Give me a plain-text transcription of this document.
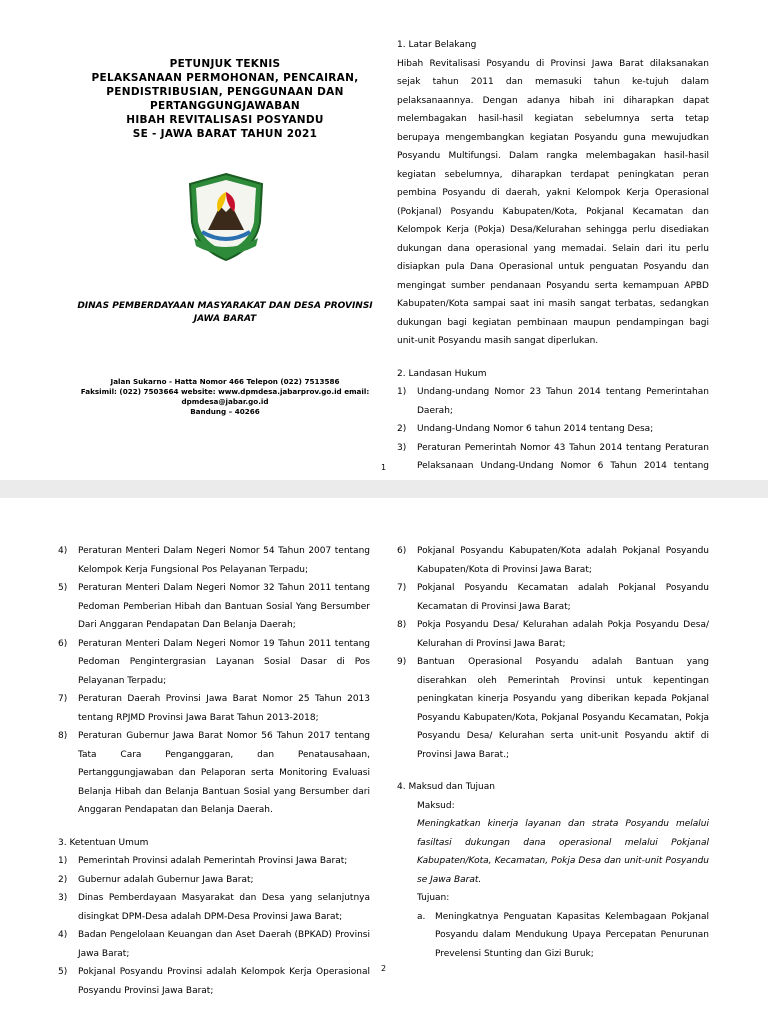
PETUNJUK TEKNIS
PELAKSANAAN PERMOHONAN, PENCAIRAN,
PENDISTRIBUSIAN, PENGGUNAAN DAN
PERTANGGUNGJAWABAN
HIBAH REVITALISASI POSYANDU
SE - JAWA BARAT TAHUN 2021
DINAS PEMBERDAYAAN MASYARAKAT DAN DESA PROVINSI
JAWA BARAT
Jalan Sukarno - Hatta Nomor 466 Telepon (022) 7513586
Faksimil: (022) 7503664 website: www.dpmdesa.jabarprov.go.id email:
dpmdesa@jabar.go.id
Bandung – 40266
1. Latar Belakang
Hibah Revitalisasi Posyandu di Provinsi Jawa Barat dilaksanakan sejak tahun 2011 dan memasuki tahun ke-tujuh dalam pelaksanaannya. Dengan adanya hibah ini diharapkan dapat melembagakan hasil-hasil kegiatan sebelumnya serta tetap berupaya mengembangkan kegiatan Posyandu guna mewujudkan Posyandu Multifungsi. Dalam rangka melembagakan hasil-hasil kegiatan sebelumnya, diharapkan terdapat peningkatan peran pembina Posyandu di daerah, yakni Kelompok Kerja Operasional (Pokjanal) Posyandu Kabupaten/Kota, Pokjanal Kecamatan dan Kelompok Kerja (Pokja) Desa/Kelurahan sehingga perlu disediakan dukungan dana operasional yang memadai. Selain dari itu perlu disiapkan pula Dana Operasional untuk penguatan Posyandu dan mengingat sumber pendanaan Posyandu serta kemampuan APBD Kabupaten/Kota sampai saat ini masih sangat terbatas, sedangkan dukungan bagi kegiatan pembinaan maupun pendampingan bagi unit-unit Posyandu masih sangat diperlukan.
2. Landasan Hukum
1)	Undang-undang Nomor 23 Tahun 2014 tentang Pemerintahan Daerah;
2)	Undang-Undang Nomor 6 tahun 2014 tentang Desa;
3)	Peraturan Pemerintah Nomor 43 Tahun 2014 tentang Peraturan Pelaksanaan Undang-Undang Nomor 6 Tahun 2014 tentang
1
4)	Peraturan Menteri Dalam Negeri Nomor 54 Tahun 2007 tentang Kelompok Kerja Fungsional Pos Pelayanan Terpadu;
5)	Peraturan Menteri Dalam Negeri Nomor 32 Tahun 2011 tentang Pedoman Pemberian Hibah dan Bantuan Sosial Yang Bersumber Dari Anggaran Pendapatan Dan Belanja Daerah;
6)	Peraturan Menteri Dalam Negeri Nomor 19 Tahun 2011 tentang Pedoman Pengintergrasian Layanan Sosial Dasar di Pos Pelayanan Terpadu;
7)	Peraturan Daerah Provinsi Jawa Barat Nomor 25 Tahun 2013 tentang RPJMD Provinsi Jawa Barat Tahun 2013-2018;
8)	Peraturan Gubernur Jawa Barat Nomor 56 Tahun 2017 tentang Tata Cara Penganggaran, dan Penatausahaan, Pertanggungjawaban dan Pelaporan serta Monitoring Evaluasi Belanja Hibah dan Belanja Bantuan Sosial yang Bersumber dari Anggaran Pendapatan dan Belanja Daerah.
3. Ketentuan Umum
1)	Pemerintah Provinsi adalah Pemerintah Provinsi Jawa Barat;
2)	Gubernur adalah Gubernur Jawa Barat;
3)	Dinas Pemberdayaan Masyarakat dan Desa yang selanjutnya disingkat DPM-Desa adalah DPM-Desa Provinsi Jawa Barat;
4)	Badan Pengelolaan Keuangan dan Aset Daerah (BPKAD) Provinsi Jawa Barat;
5)	Pokjanal Posyandu Provinsi adalah Kelompok Kerja Operasional Posyandu Provinsi Jawa Barat;
6)	Pokjanal Posyandu Kabupaten/Kota adalah Pokjanal Posyandu Kabupaten/Kota di Provinsi Jawa Barat;
7)	Pokjanal Posyandu Kecamatan adalah Pokjanal Posyandu Kecamatan di Provinsi Jawa Barat;
8)	Pokja Posyandu Desa/ Kelurahan adalah Pokja Posyandu Desa/ Kelurahan di Provinsi Jawa Barat;
9)	Bantuan Operasional Posyandu adalah Bantuan yang diserahkan oleh Pemerintah Provinsi untuk kepentingan peningkatan kinerja Posyandu yang diberikan kepada Pokjanal Posyandu Kabupaten/Kota, Pokjanal Posyandu Kecamatan, Pokja Posyandu Desa/ Kelurahan serta unit-unit Posyandu aktif di Provinsi Jawa Barat.;
4. Maksud dan Tujuan
Maksud:
Meningkatkan kinerja layanan dan strata Posyandu melalui fasiltasi dukungan dana operasional melalui Pokjanal Kabupaten/Kota, Kecamatan, Pokja Desa dan unit-unit Posyandu se Jawa Barat.
Tujuan:
a.	Meningkatnya Penguatan Kapasitas Kelembagaan Pokjanal Posyandu dalam Mendukung Upaya Percepatan Penurunan Prevelensi Stunting dan Gizi Buruk;
2
